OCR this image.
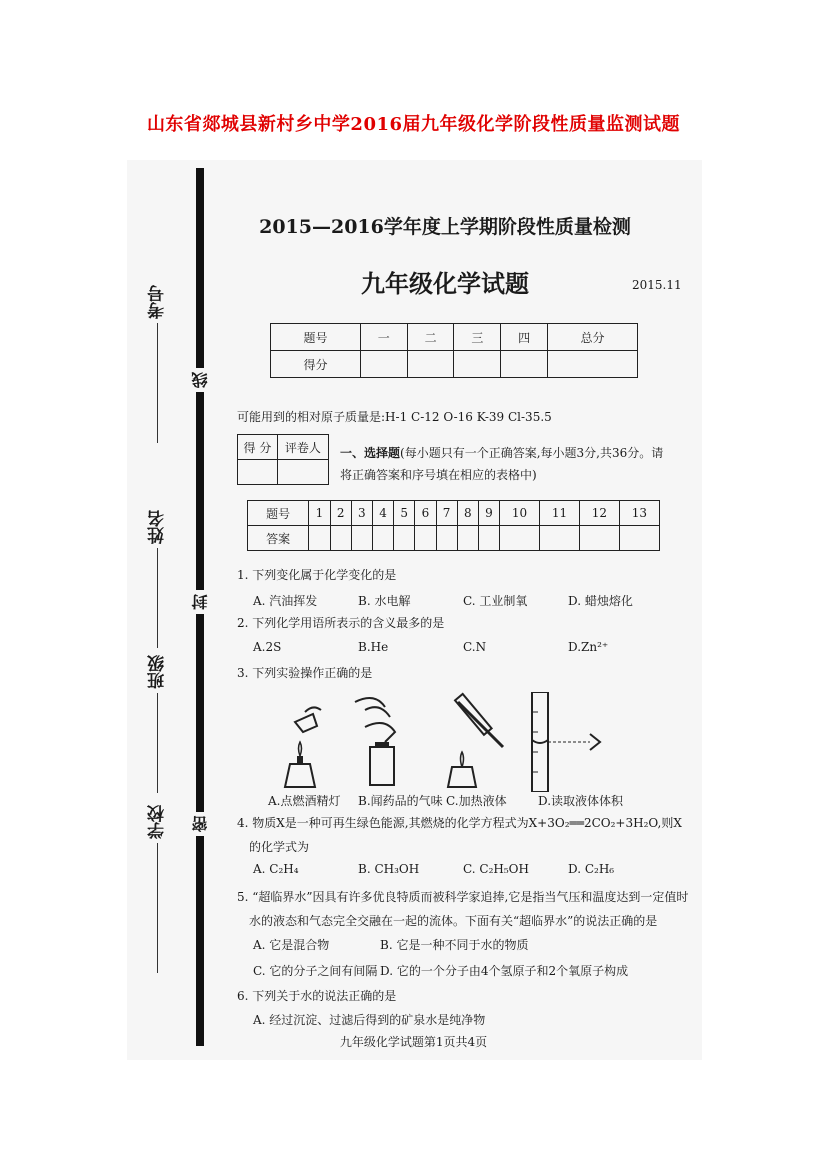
山东省郯城县新村乡中学2016届九年级化学阶段性质量监测试题
线
封
密
考号
姓名
班级
学校
2015—2016学年度上学期阶段性质量检测
九年级化学试题	2015.11
题号	一	二	三	四	总分
得分					
可能用到的相对原子质量是:H-1 C-12 O-16 K-39 Cl-35.5
得 分	评卷人
	一、选择题(每小题只有一个正确答案,每小题3分,共36分。请将正确答案和序号填在相应的表格中)
题号	1	2	3	4	5	6	7	8	9	10	11	12	13
答案													
1. 下列变化属于化学变化的是
A. 汽油挥发	B. 水电解	C. 工业制氧	D. 蜡烛熔化
2. 下列化学用语所表示的含义最多的是
A.2S	B.He	C.N	D.Zn²⁺
3. 下列实验操作正确的是
A.点燃酒精灯 B.闻药品的气味 C.加热液体	D.读取液体体积
4. 物质X是一种可再生绿色能源,其燃烧的化学方程式为X+3O₂══2CO₂+3H₂O,则X
的化学式为
A. C₂H₄	B. CH₃OH	C. C₂H₅OH	D. C₂H₆
5. “超临界水”因具有许多优良特质而被科学家追捧,它是指当气压和温度达到一定值时
水的液态和气态完全交融在一起的流体。下面有关“超临界水”的说法正确的是
A. 它是混合物	B. 它是一种不同于水的物质
C. 它的分子之间有间隔 D. 它的一个分子由4个氢原子和2个氧原子构成
6. 下列关于水的说法正确的是
A. 经过沉淀、过滤后得到的矿泉水是纯净物
九年级化学试题第1页共4页
